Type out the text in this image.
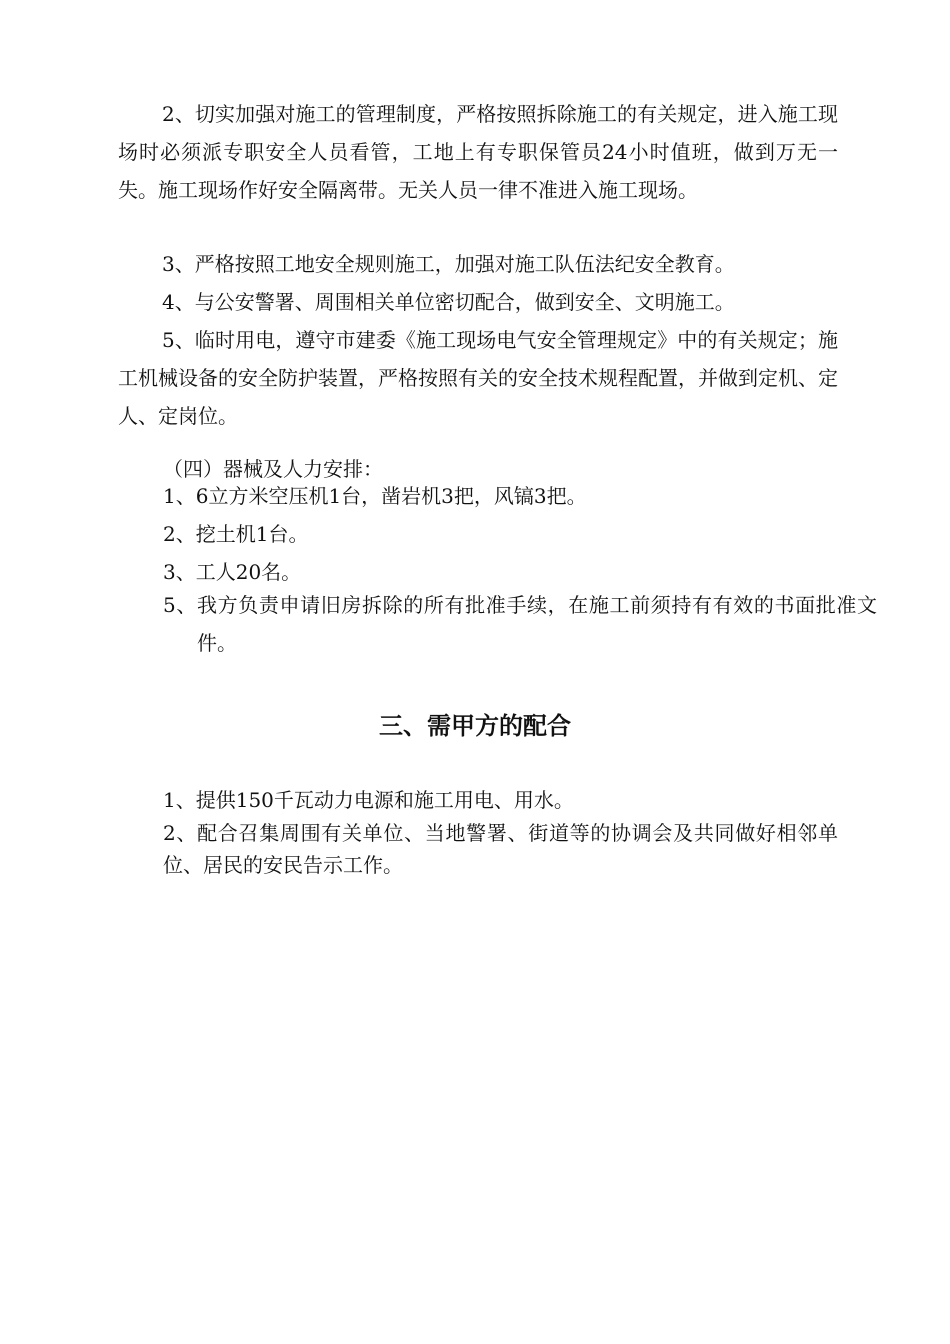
2、切实加强对施工的管理制度，严格按照拆除施工的有关规定，进入施工现场时必须派专职安全人员看管，工地上有专职保管员24小时值班，做到万无一失。施工现场作好安全隔离带。无关人员一律不准进入施工现场。

3、严格按照工地安全规则施工，加强对施工队伍法纪安全教育。

4、与公安警署、周围相关单位密切配合，做到安全、文明施工。

5、临时用电，遵守市建委《施工现场电气安全管理规定》中的有关规定；施工机械设备的安全防护装置，严格按照有关的安全技术规程配置，并做到定机、定人、定岗位。

（四）器械及人力安排：

1、6立方米空压机1台，凿岩机3把，风镐3把。

2、挖土机1台。

3、工人20名。

5、我方负责申请旧房拆除的所有批准手续，在施工前须持有有效的书面批准文件。

三、需甲方的配合

1、提供150千瓦动力电源和施工用电、用水。

2、配合召集周围有关单位、当地警署、街道等的协调会及共同做好相邻单位、居民的安民告示工作。
